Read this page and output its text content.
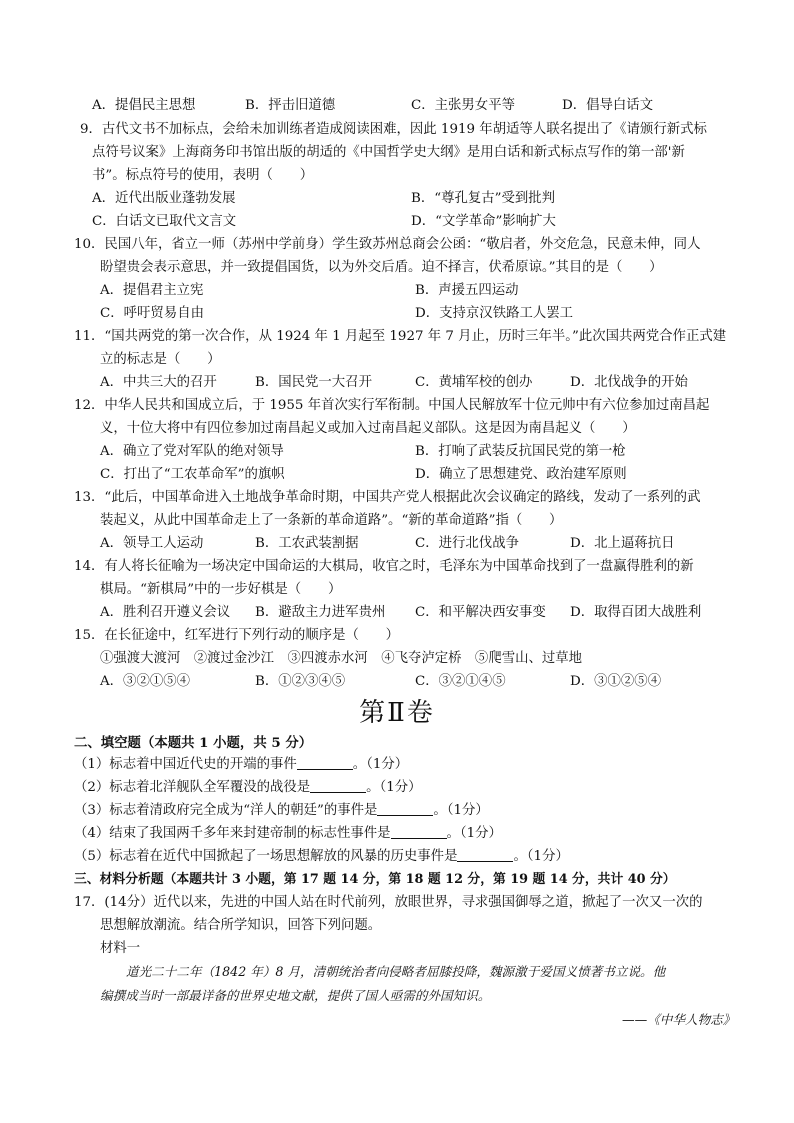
A．提倡民主思想	B．抨击旧道德	C．主张男女平等	D．倡导白话文
9．古代文书不加标点，会给未加训练者造成阅读困难，因此 1919 年胡适等人联名提出了《请颁行新式标
点符号议案》上海商务印书馆出版的胡适的《中国哲学史大纲》是用白话和新式标点写作的第一部'新
书”。标点符号的使用，表明（　　）
A．近代出版业蓬勃发展	B．“尊孔复古”受到批判
C．白话文已取代文言文	D．“文学革命”影响扩大
10．民国八年，省立一师（苏州中学前身）学生致苏州总商会公函：“敬启者，外交危急，民意未伸，同人
盼望贵会表示意思，并一致提倡国货，以为外交后盾。迫不择言，伏希原谅。”其目的是（　　）
A．提倡君主立宪	B．声援五四运动
C．呼吁贸易自由	D．支持京汉铁路工人罢工
11．“国共两党的第一次合作，从 1924 年 1 月起至 1927 年 7 月止，历时三年半。”此次国共两党合作正式建
立的标志是（　　）
A．中共三大的召开	B．国民党一大召开	C．黄埔军校的创办	D．北伐战争的开始
12．中华人民共和国成立后，于 1955 年首次实行军衔制。中国人民解放军十位元帅中有六位参加过南昌起
义，十位大将中有四位参加过南昌起义或加入过南昌起义部队。这是因为南昌起义（　　）
A．确立了党对军队的绝对领导	B．打响了武装反抗国民党的第一枪
C．打出了“工农革命军”的旗帜	D．确立了思想建党、政治建军原则
13．“此后，中国革命进入土地战争革命时期，中国共产党人根据此次会议确定的路线，发动了一系列的武
装起义，从此中国革命走上了一条新的革命道路”。“新的革命道路”指（　　）
A．领导工人运动	B．工农武装割据	C．进行北伐战争	D．北上逼蒋抗日
14．有人将长征喻为一场决定中国命运的大棋局，收官之时，毛泽东为中国革命找到了一盘赢得胜利的新
棋局。“新棋局”中的一步好棋是（　　）
A．胜利召开遵义会议 B．避敌主力进军贵州 C．和平解决西安事变 D．取得百团大战胜利
15．在长征途中，红军进行下列行动的顺序是（　　）
①强渡大渡河　②渡过金沙江　③四渡赤水河　④飞夺泸定桥　⑤爬雪山、过草地
A．③②①⑤④	B．①②③④⑤	C．③②①④⑤	D．③①②⑤④
第Ⅱ卷
二、填空题（本题共 1 小题，共 5 分）
（1）标志着中国近代史的开端的事件	。（1分）
（2）标志着北洋舰队全军覆没的战役是	。（1分）
（3）标志着清政府完全成为“洋人的朝廷”的事件是	。（1分）
（4）结束了我国两千多年来封建帝制的标志性事件是	。（1分）
（5）标志着在近代中国掀起了一场思想解放的风暴的历史事件是	。（1分）
三、材料分析题（本题共计 3 小题，第 17 题 14 分，第 18 题 12 分，第 19 题 14 分，共计 40 分）
17．(14分）近代以来，先进的中国人站在时代前列，放眼世界，寻求强国御辱之道，掀起了一次又一次的
思想解放潮流。结合所学知识，回答下列问题。
材料一
道光二十二年（1842 年）8 月，清朝统治者向侵略者屈膝投降，魏源激于爱国义愤著书立说。他
编撰成当时一部最详备的世界史地文献，提供了国人亟需的外国知识。
——《中华人物志》
